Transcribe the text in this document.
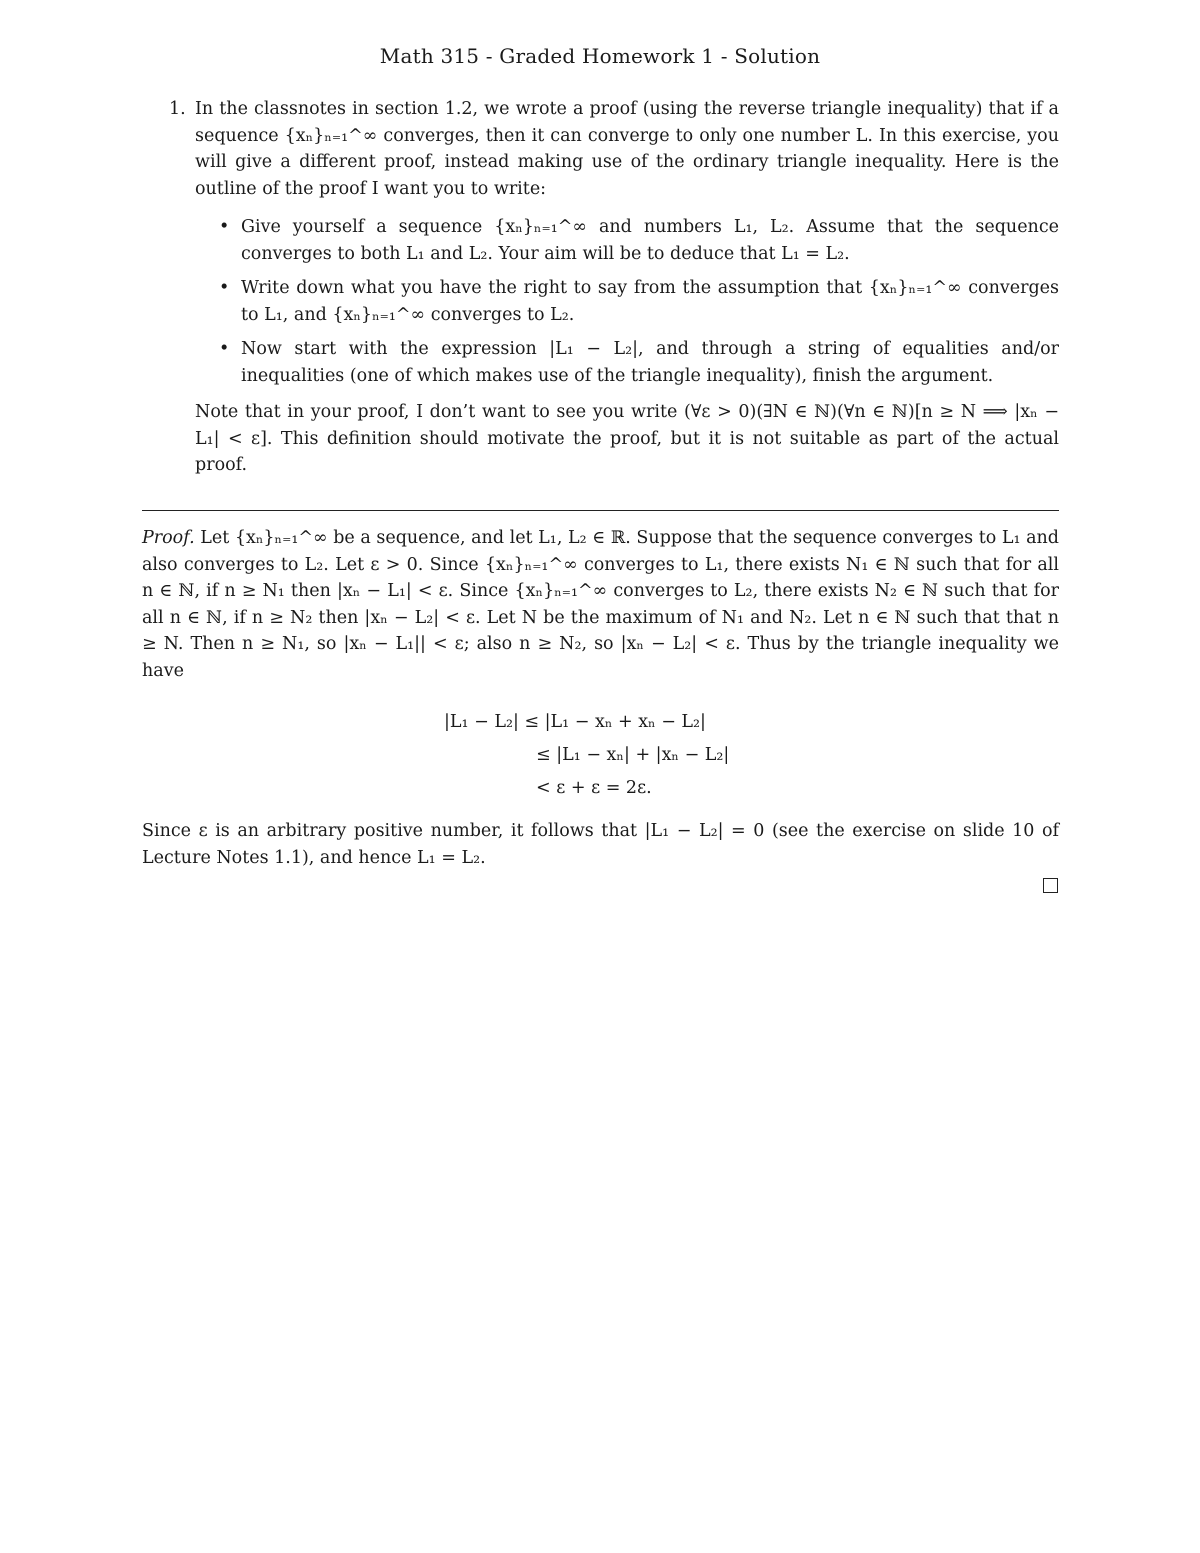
Math 315 - Graded Homework 1 - Solution
1. In the classnotes in section 1.2, we wrote a proof (using the reverse triangle inequality) that if a sequence {xₙ}ₙ₌₁^∞ converges, then it can converge to only one number L. In this exercise, you will give a different proof, instead making use of the ordinary triangle inequality. Here is the outline of the proof I want you to write:
• Give yourself a sequence {xₙ}ₙ₌₁^∞ and numbers L₁, L₂. Assume that the sequence converges to both L₁ and L₂. Your aim will be to deduce that L₁ = L₂.
• Write down what you have the right to say from the assumption that {xₙ}ₙ₌₁^∞ converges to L₁, and {xₙ}ₙ₌₁^∞ converges to L₂.
• Now start with the expression |L₁ − L₂|, and through a string of equalities and/or inequalities (one of which makes use of the triangle inequality), finish the argument.
Note that in your proof, I don’t want to see you write (∀ε > 0)(∃N ∈ ℕ)(∀n ∈ ℕ)[n ≥ N ⟹ |xₙ − L₁| < ε]. This definition should motivate the proof, but it is not suitable as part of the actual proof.
Proof. Let {xₙ}ₙ₌₁^∞ be a sequence, and let L₁, L₂ ∈ ℝ. Suppose that the sequence converges to L₁ and also converges to L₂. Let ε > 0. Since {xₙ}ₙ₌₁^∞ converges to L₁, there exists N₁ ∈ ℕ such that for all n ∈ ℕ, if n ≥ N₁ then |xₙ − L₁| < ε. Since {xₙ}ₙ₌₁^∞ converges to L₂, there exists N₂ ∈ ℕ such that for all n ∈ ℕ, if n ≥ N₂ then |xₙ − L₂| < ε. Let N be the maximum of N₁ and N₂. Let n ∈ ℕ such that that n ≥ N. Then n ≥ N₁, so |xₙ − L₁|| < ε; also n ≥ N₂, so |xₙ − L₂| < ε. Thus by the triangle inequality we have
|L₁ − L₂| ≤ |L₁ − xₙ + xₙ − L₂|
≤ |L₁ − xₙ| + |xₙ − L₂|
< ε + ε = 2ε.
Since ε is an arbitrary positive number, it follows that |L₁ − L₂| = 0 (see the exercise on slide 10 of Lecture Notes 1.1), and hence L₁ = L₂.
